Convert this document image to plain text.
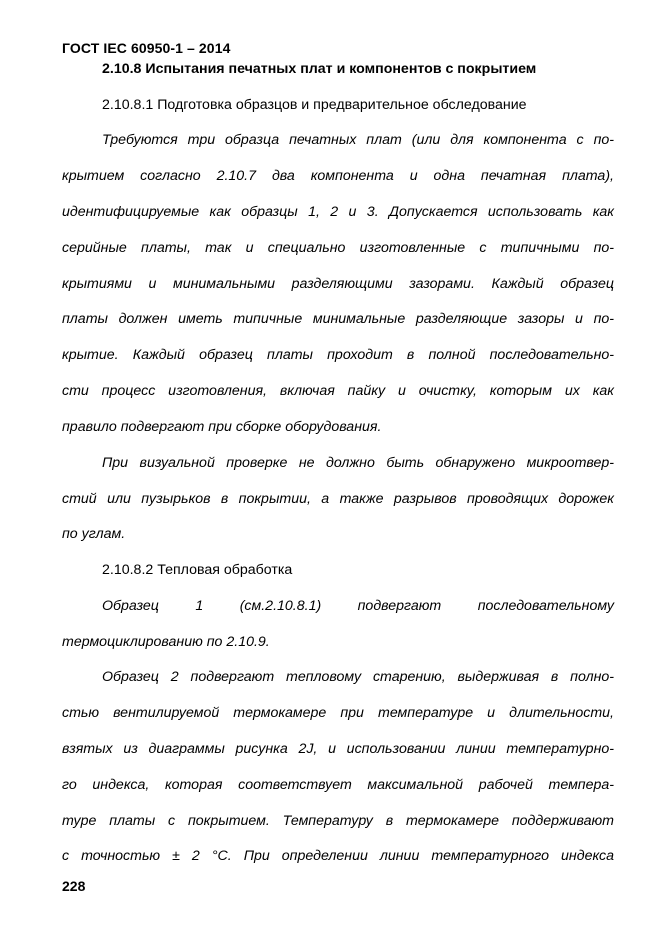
ГОСТ IEC 60950-1 – 2014
2.10.8 Испытания печатных плат и компонентов с покрытием
2.10.8.1 Подготовка образцов и предварительное обследование
Требуются три образца печатных плат (или для компонента с по-
крытием согласно 2.10.7 два компонента и одна печатная плата),
идентифицируемые как образцы 1, 2 и 3. Допускается использовать как
серийные платы, так и специально изготовленные с типичными по-
крытиями и минимальными разделяющими зазорами. Каждый образец
платы должен иметь типичные минимальные разделяющие зазоры и по-
крытие. Каждый образец платы проходит в полной последовательно-
сти процесс изготовления, включая пайку и очистку, которым их как
правило подвергают при сборке оборудования.
При визуальной проверке не должно быть обнаружено микроотвер-
стий или пузырьков в покрытии, а также разрывов проводящих дорожек
по углам.
2.10.8.2 Тепловая обработка
Образец 1 (см.2.10.8.1) подвергают последовательному
термоциклированию по 2.10.9.
Образец 2 подвергают тепловому старению, выдерживая в полно-
стью вентилируемой термокамере при температуре и длительности,
взятых из диаграммы рисунка 2J, и использовании линии температурно-
го индекса, которая соответствует максимальной рабочей темпера-
туре платы с покрытием. Температуру в термокамере поддерживают
с точностью ± 2 °C. При определении линии температурного индекса
228
